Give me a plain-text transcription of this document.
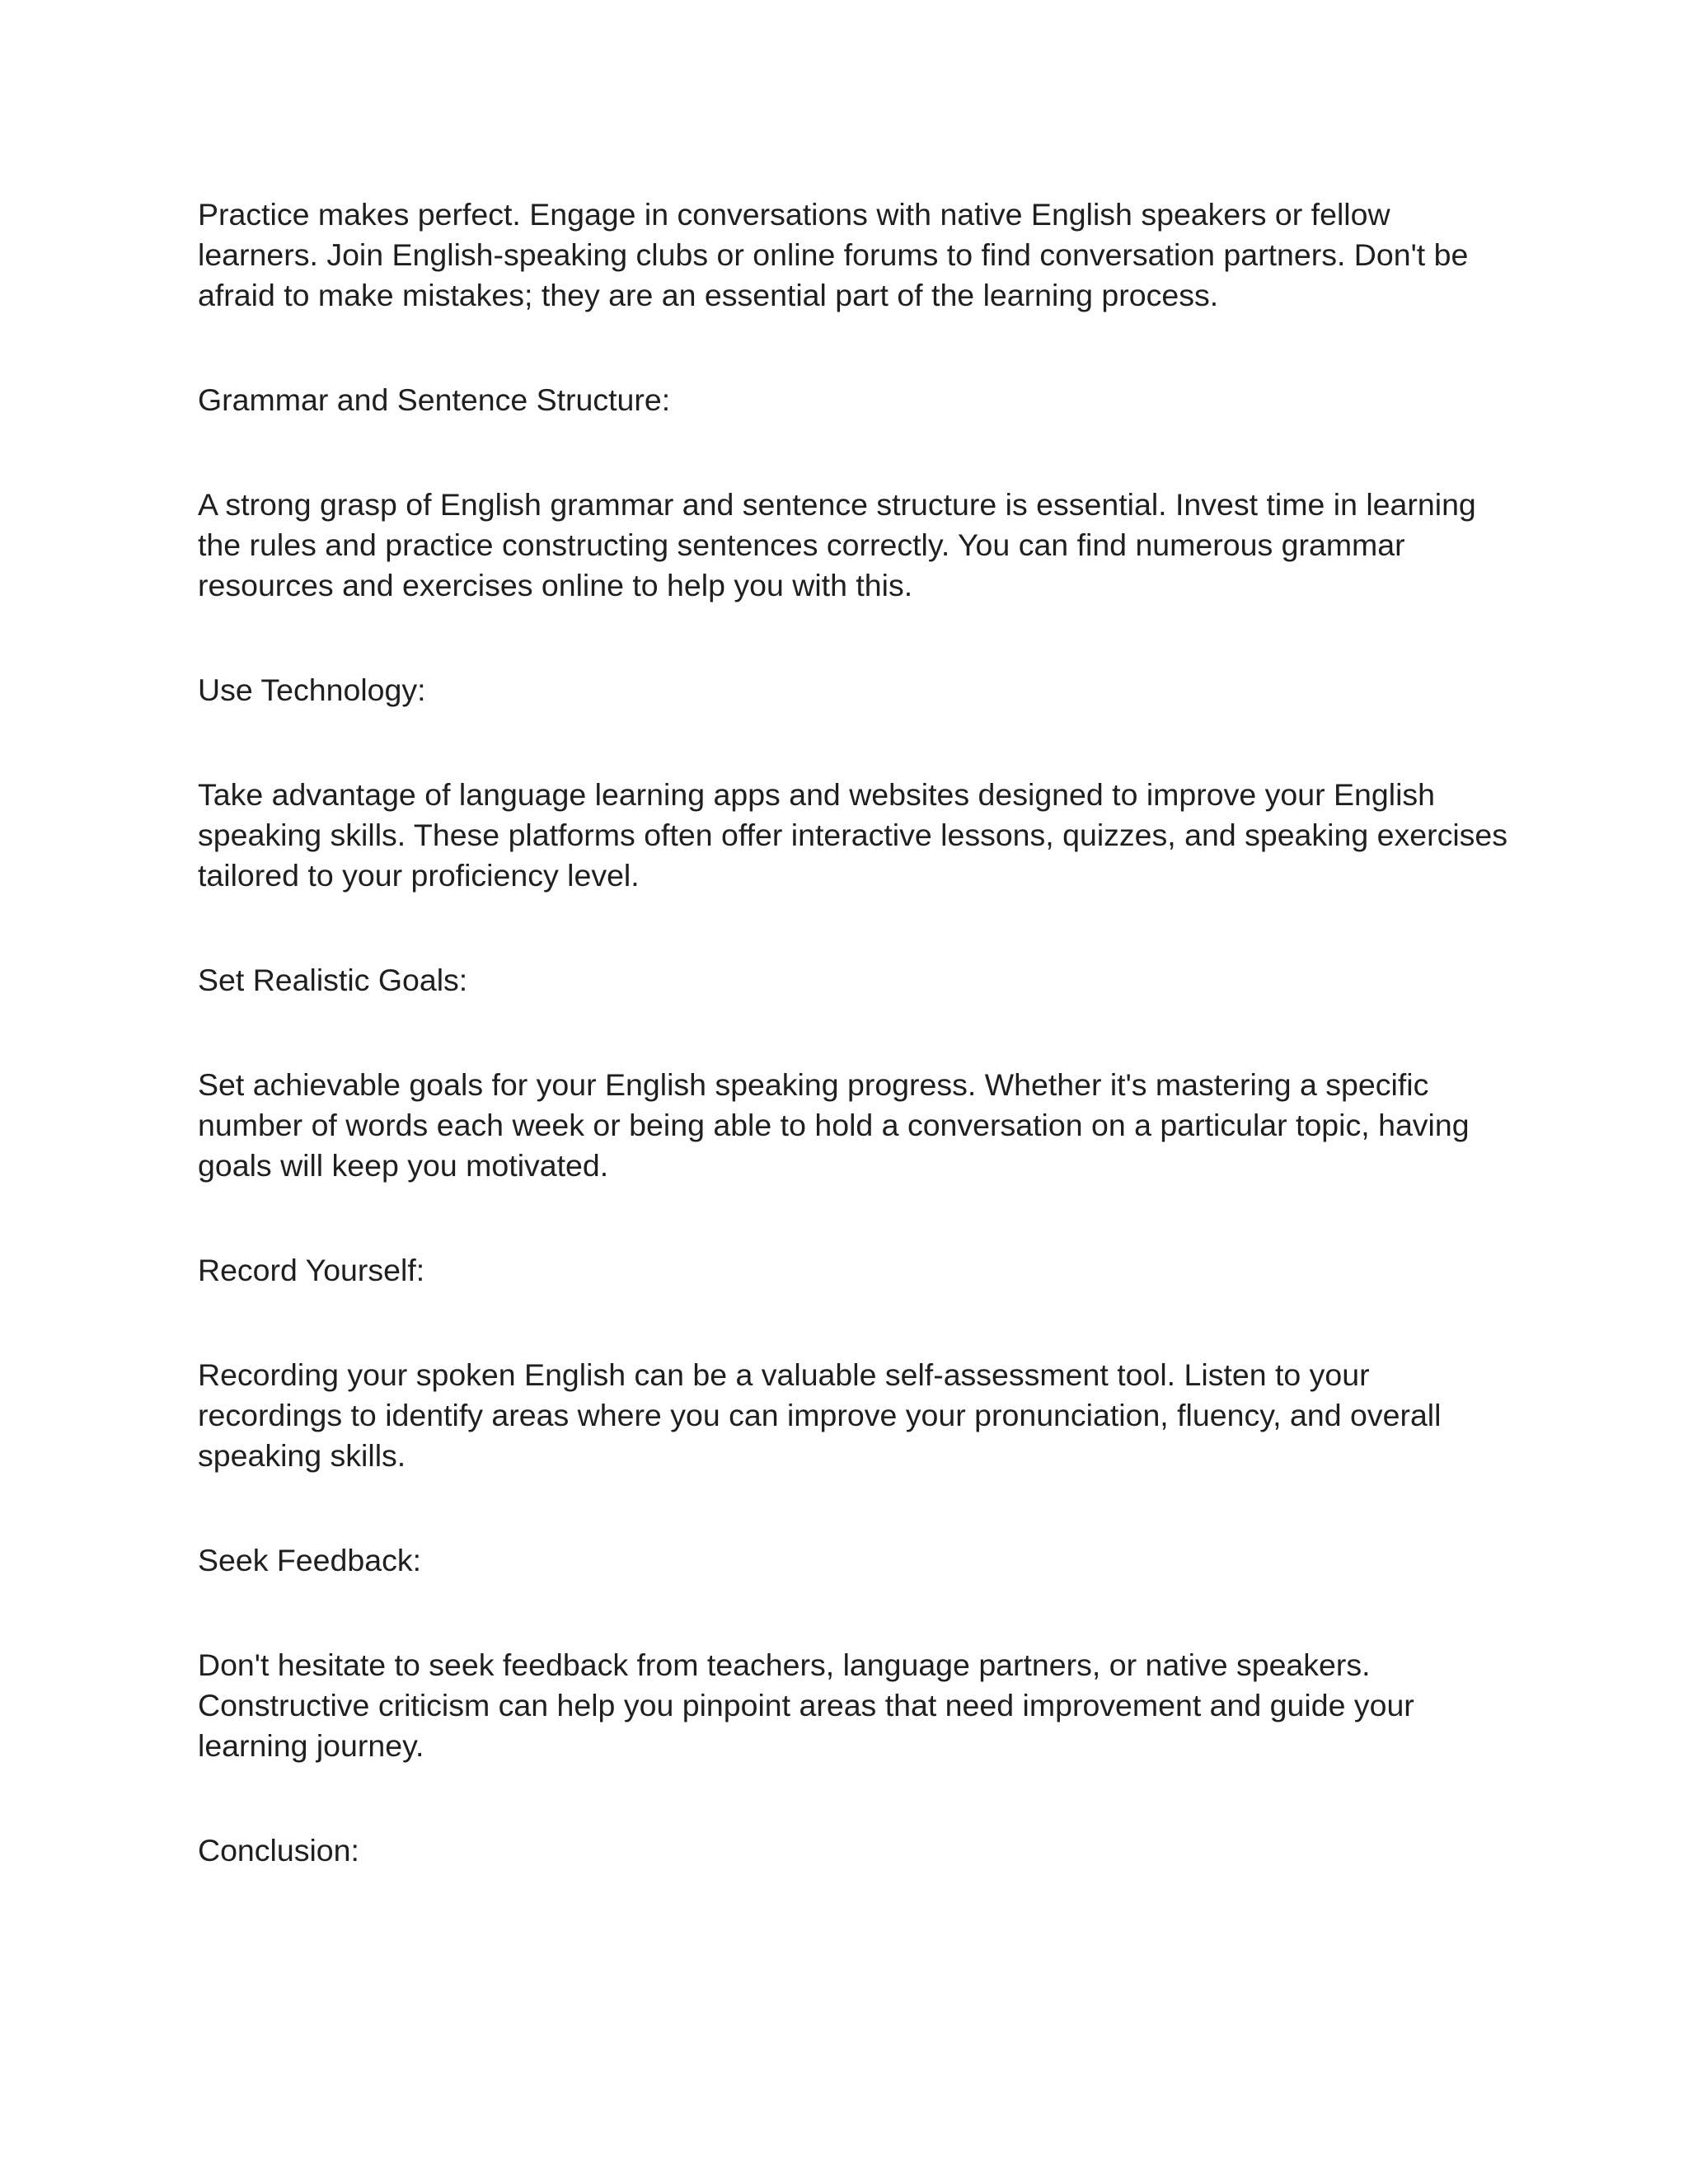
Practice makes perfect. Engage in conversations with native English speakers or fellow
learners. Join English-speaking clubs or online forums to find conversation partners. Don't be
afraid to make mistakes; they are an essential part of the learning process.
Grammar and Sentence Structure:
A strong grasp of English grammar and sentence structure is essential. Invest time in learning
the rules and practice constructing sentences correctly. You can find numerous grammar
resources and exercises online to help you with this.
Use Technology:
Take advantage of language learning apps and websites designed to improve your English
speaking skills. These platforms often offer interactive lessons, quizzes, and speaking exercises
tailored to your proficiency level.
Set Realistic Goals:
Set achievable goals for your English speaking progress. Whether it's mastering a specific
number of words each week or being able to hold a conversation on a particular topic, having
goals will keep you motivated.
Record Yourself:
Recording your spoken English can be a valuable self-assessment tool. Listen to your
recordings to identify areas where you can improve your pronunciation, fluency, and overall
speaking skills.
Seek Feedback:
Don't hesitate to seek feedback from teachers, language partners, or native speakers.
Constructive criticism can help you pinpoint areas that need improvement and guide your
learning journey.
Conclusion:
